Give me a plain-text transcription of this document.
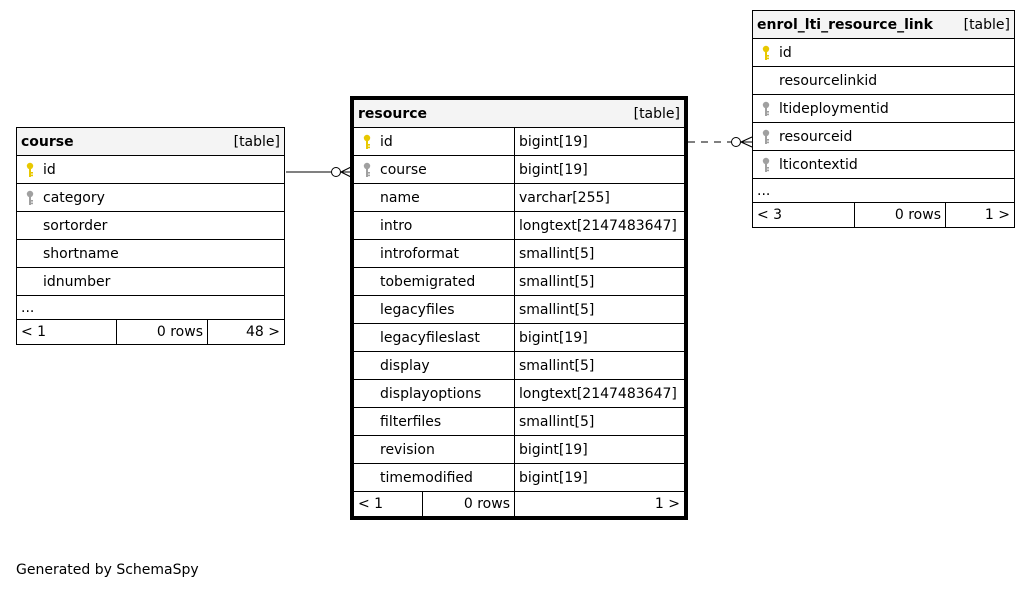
course	[table]

id

category
sortorder
shortname
idnumber
...
< 1	0 rows	48 >
resource [table]		

id		bigint[19]

course		bigint[19]
name		varchar[255]
intro		longtext[2147483647]
introformat		smallint[5]
tobemigrated		smallint[5]
legacyfiles		smallint[5]
legacyfileslast		bigint[19]
display		smallint[5]
displayoptions		longtext[2147483647]
filterfiles		smallint[5]
revision		bigint[19]
timemodified		bigint[19]
< 1	0 rows	1 >
enrol_lti_resource_link [table]

id
resourcelinkid

ltideploymentid

resourceid

lticontextid
...
< 3	0 rows	1 >
Generated by SchemaSpy
